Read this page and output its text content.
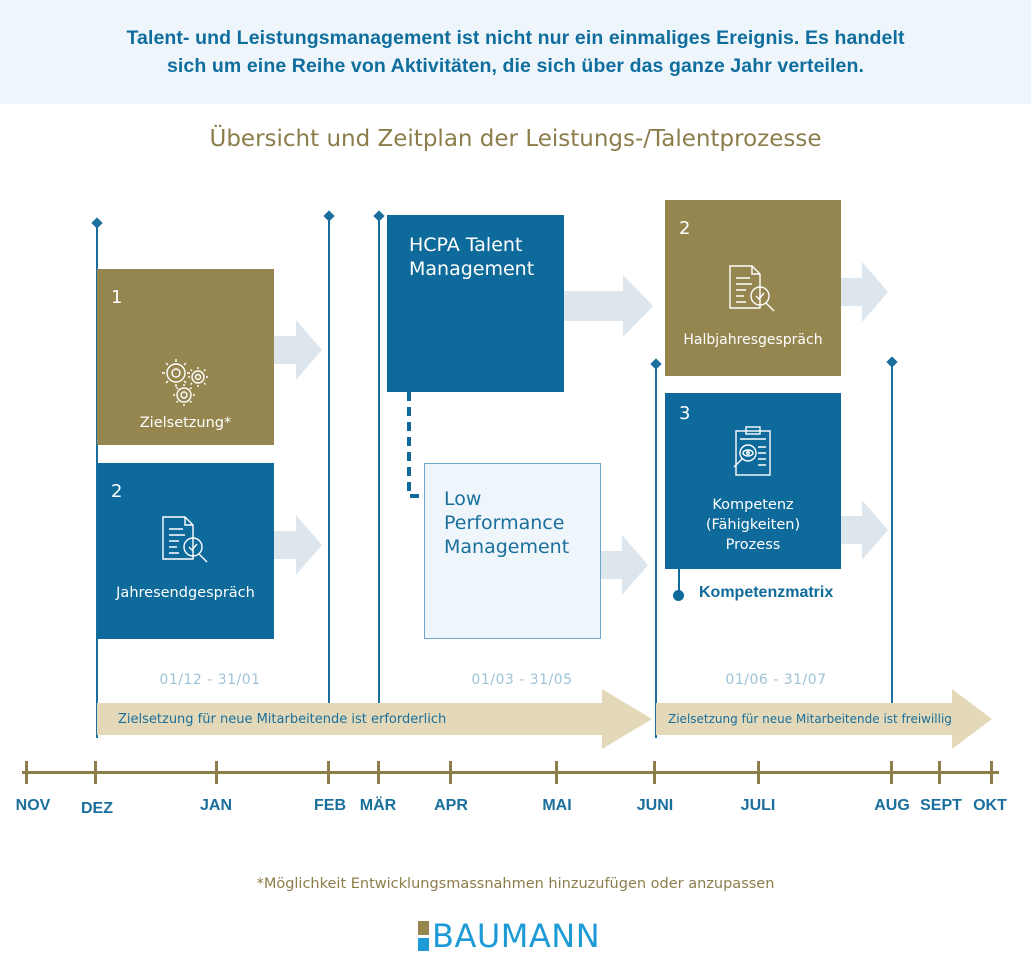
Talent- und Leistungsmanagement ist nicht nur ein einmaliges Ereignis. Es handelt
sich um eine Reihe von Aktivitäten, die sich über das ganze Jahr verteilen.
Übersicht und Zeitplan der Leistungs-/Talentprozesse
1
Zielsetzung*
2
Jahresendgespräch
HCPA Talent
Management
Low
Performance
Management
2
Halbjahresgespräch
3
Kompetenz
(Fähigkeiten)
Prozess
Kompetenzmatrix
01/12 - 31/01	01/03 - 31/05	01/06 - 31/07
Zielsetzung für neue Mitarbeitende ist erforderlich	Zielsetzung für neue Mitarbeitende ist freiwillig
NOV DEZ	JAN	FEB MÄR APR	MAI	JUNI	JULI	AUG SEPT OKT
*Möglichkeit Entwicklungsmassnahmen hinzuzufügen oder anzupassen
BAUMANN
